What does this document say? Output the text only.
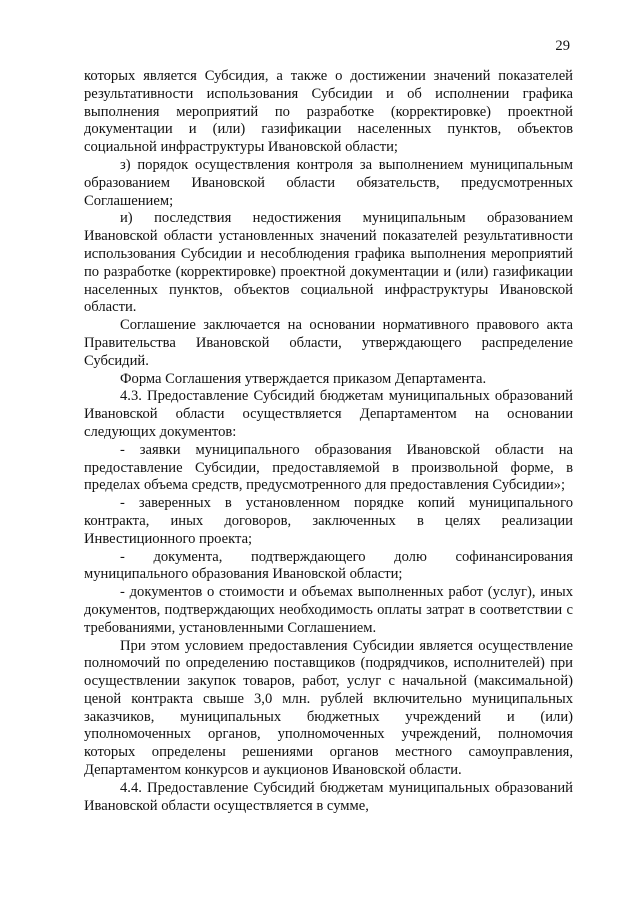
29

которых является Субсидия, а также о достижении значений показателей результативности использования Субсидии и об исполнении графика выполнения мероприятий по разработке (корректировке) проектной документации и (или) газификации населенных пунктов, объектов социальной инфраструктуры Ивановской области;

з) порядок осуществления контроля за выполнением муниципальным образованием Ивановской области обязательств, предусмотренных Соглашением;

и) последствия недостижения муниципальным образованием Ивановской области установленных значений показателей результативности использования Субсидии и несоблюдения графика выполнения мероприятий по разработке (корректировке) проектной документации и (или) газификации населенных пунктов, объектов социальной инфраструктуры Ивановской области.

Соглашение заключается на основании нормативного правового акта Правительства Ивановской области, утверждающего распределение Субсидий.

Форма Соглашения утверждается приказом Департамента.

4.3. Предоставление Субсидий бюджетам муниципальных образований Ивановской области осуществляется Департаментом на основании следующих документов:

- заявки муниципального образования Ивановской области на предоставление Субсидии, предоставляемой в произвольной форме, в пределах объема средств, предусмотренного для предоставления Субсидии»;

- заверенных в установленном порядке копий муниципального контракта, иных договоров, заключенных в целях реализации Инвестиционного проекта;

- документа, подтверждающего долю софинансирования муниципального образования Ивановской области;

- документов о стоимости и объемах выполненных работ (услуг), иных документов, подтверждающих необходимость оплаты затрат в соответствии с требованиями, установленными Соглашением.

При этом условием предоставления Субсидии является осуществление полномочий по определению поставщиков (подрядчиков, исполнителей) при осуществлении закупок товаров, работ, услуг с начальной (максимальной) ценой контракта свыше 3,0 млн. рублей включительно муниципальных заказчиков, муниципальных бюджетных учреждений и (или) уполномоченных органов, уполномоченных учреждений, полномочия которых определены решениями органов местного самоуправления, Департаментом конкурсов и аукционов Ивановской области.

4.4. Предоставление Субсидий бюджетам муниципальных образований Ивановской области осуществляется в сумме,
